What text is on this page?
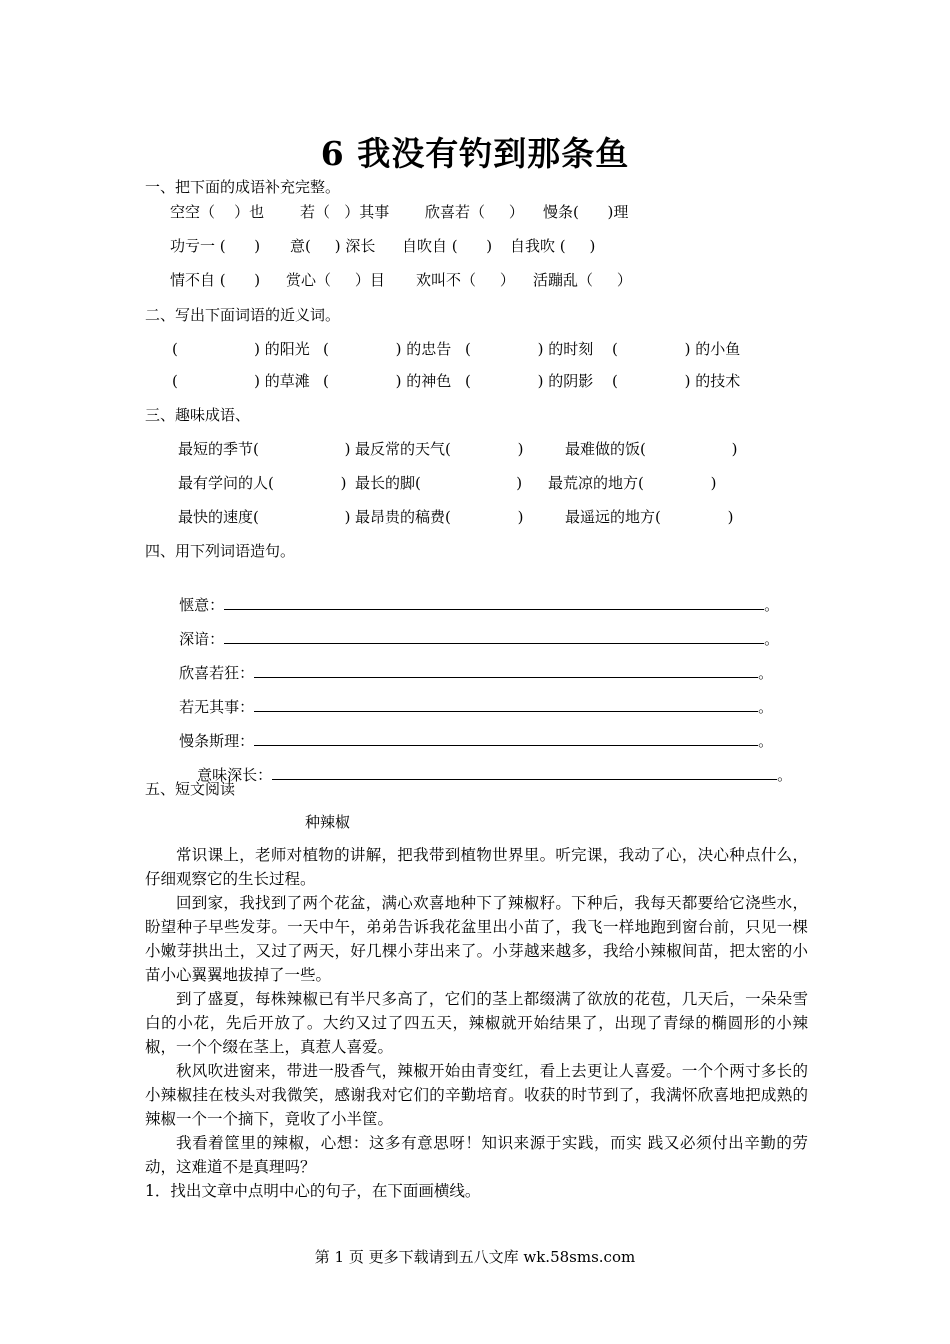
6 我没有钓到那条鱼
一、把下面的成语补充完整。
空空（    ）也 若（   ）其事 欣喜若（     ） 慢条(      )理
功亏一 (      ) 意(     ) 深长 自吹自 (      ) 自我吹 (     )
情不自 (      ) 赏心（     ）目 欢叫不（     ） 活蹦乱（     ）
二、写出下面词语的近义词。
(                ) 的阳光 (              ) 的忠告 (              ) 的时刻 (              ) 的小鱼
(                ) 的草滩 (              ) 的神色 (              ) 的阴影 (              ) 的技术
三、趣味成语、
最短的季节(                  ) 最反常的天气(              )	最难做的饭(                  )
最有学问的人(              ) 最长的脚(                    ) 最荒凉的地方(              )
最快的速度(                  ) 最昂贵的稿费(              )	最遥远的地方(              )
四、用下列词语造句。

惬意：	。

深谙：	。

欣喜若狂：	。

若无其事：	。

慢条斯理：	。

意味深长：	。

五、短文阅读
种辣椒
常识课上，老师对植物的讲解，把我带到植物世界里。听完课，我动了心，决心种点什么，仔细观察它的生长过程。
回到家，我找到了两个花盆，满心欢喜地种下了辣椒籽。下种后，我每天都要给它浇些水，盼望种子早些发芽。一天中午，弟弟告诉我花盆里出小苗了，我飞一样地跑到窗台前，只见一棵小嫩芽拱出土，又过了两天，好几棵小芽出来了。小芽越来越多，我给小辣椒间苗，把太密的小苗小心翼翼地拔掉了一些。
到了盛夏，每株辣椒已有半尺多高了，它们的茎上都缀满了欲放的花苞，几天后，一朵朵雪白的小花，先后开放了。大约又过了四五天，辣椒就开始结果了，出现了青绿的椭圆形的小辣椒，一个个缀在茎上，真惹人喜爱。
秋风吹进窗来，带进一股香气，辣椒开始由青变红，看上去更让人喜爱。一个个两寸多长的小辣椒挂在枝头对我微笑，感谢我对它们的辛勤培育。收获的时节到了，我满怀欣喜地把成熟的辣椒一个一个摘下，竟收了小半筐。
我看着筐里的辣椒，心想：这多有意思呀！知识来源于实践，而实 践又必须付出辛勤的劳动，这难道不是真理吗？
1．找出文章中点明中心的句子，在下面画横线。
第 1 页 更多下载请到五八文库 wk.58sms.com
